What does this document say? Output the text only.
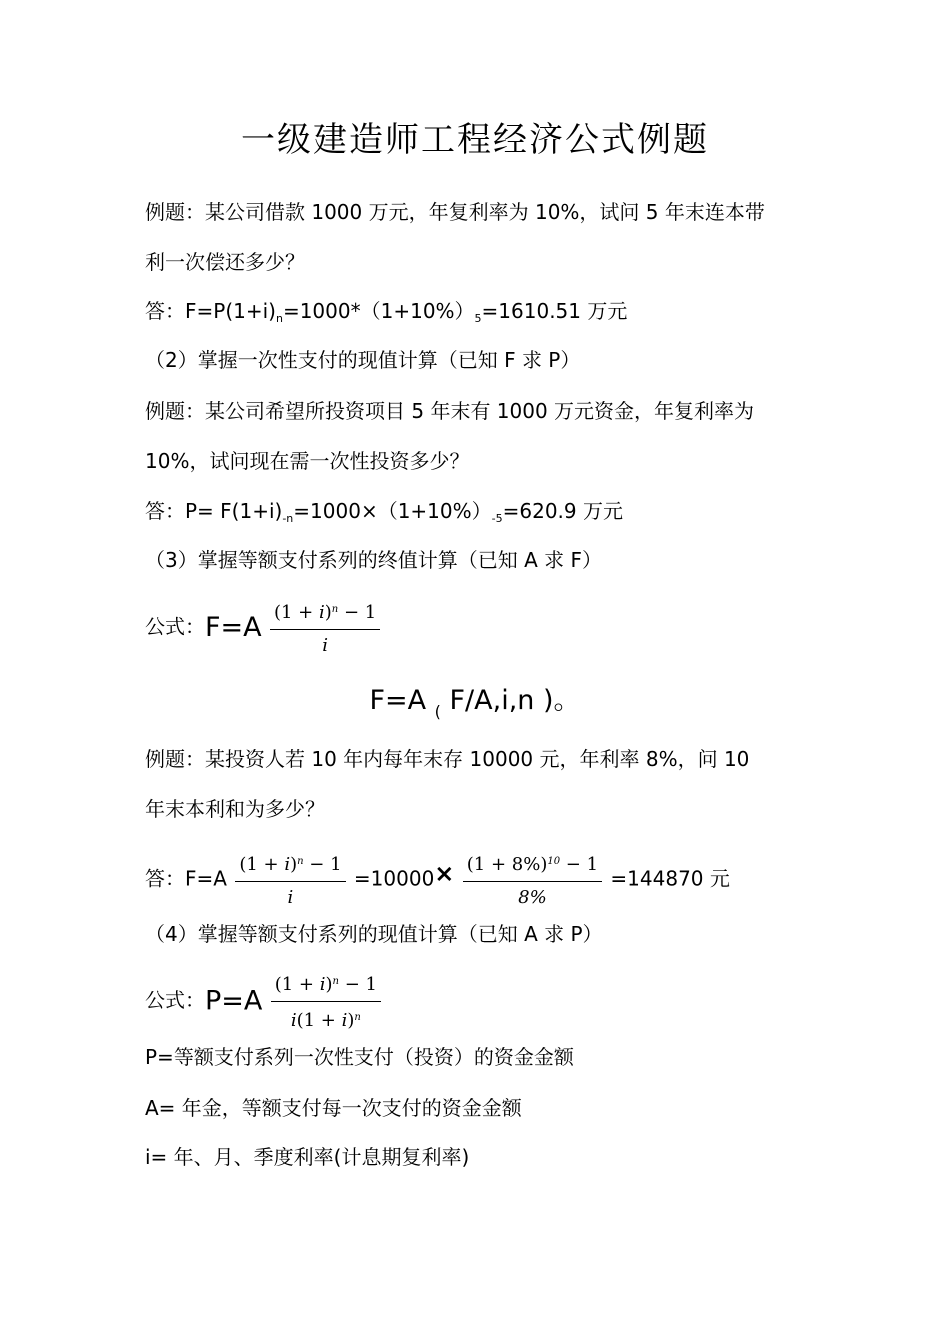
一级建造师工程经济公式例题
例题：某公司借款 1000 万元，年复利率为 10%，试问 5 年末连本带
利一次偿还多少？
答：$F=P(1+i)_n=1000*(1+10\%)_5=1610.51$ 万元
（2）掌握一次性支付的现值计算（已知 F 求 P）
例题：某公司希望所投资项目 5 年末有 1000 万元资金，年复利率为
10%，试问现在需一次性投资多少？
答：$P= F(1+i)_{-n}=1000\times(1+10\%)_{-5}=620.9$ 万元
（3）掌握等额支付系列的终值计算（已知 A 求 F）
公式：$F=A \frac{(1 + i)^n - 1}{i}$
F=A $_($ F/A,i,n )。
例题：某投资人若 10 年内每年末存 10000 元，年利率 8%，问 10
年末本利和为多少？
答：$F=A \frac{(1 + i)^n - 1}{i} =10000\times \frac{(1 + 8\%)^{10} - 1}{8\%} =144870$ 元
（4）掌握等额支付系列的现值计算（已知 A 求 P）
公式：$P=A \frac{(1 + i)^n - 1}{i(1 + i)^n}$
P=等额支付系列一次性支付（投资）的资金金额
A= 年金，等额支付每一次支付的资金金额
i= 年、月、季度利率(计息期复利率)
